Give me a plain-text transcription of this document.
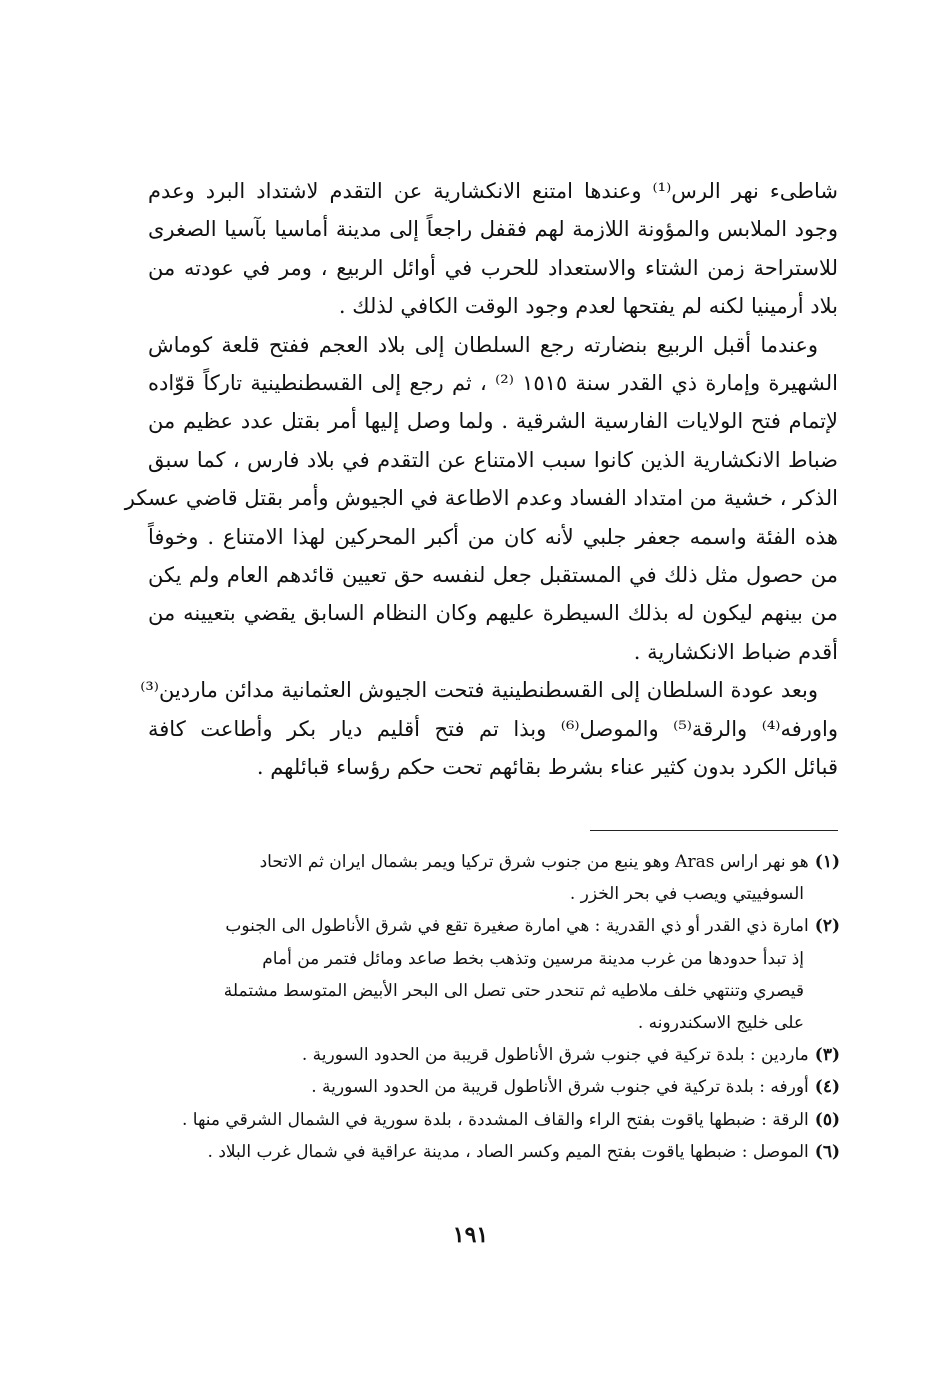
شاطىء نهر الرس⁽¹⁾ وعندها امتنع الانكشارية عن التقدم لاشتداد البرد وعدم
وجود الملابس والمؤونة اللازمة لهم فقفل راجعاً إلى مدينة أماسيا بآسيا الصغرى
للاستراحة زمن الشتاء والاستعداد للحرب في أوائل الربيع ، ومر في عودته من
بلاد أرمينيا لكنه لم يفتحها لعدم وجود الوقت الكافي لذلك .

وعندما أقبل الربيع بنضارته رجع السلطان إلى بلاد العجم ففتح قلعة كوماش
الشهيرة وإمارة ذي القدر سنة ١٥١٥ ⁽²⁾ ، ثم رجع إلى القسطنطينية تاركاً قوّاده
لإتمام فتح الولايات الفارسية الشرقية . ولما وصل إليها أمر بقتل عدد عظيم من
ضباط الانكشارية الذين كانوا سبب الامتناع عن التقدم في بلاد فارس ، كما سبق
الذكر ، خشية من امتداد الفساد وعدم الاطاعة في الجيوش وأمر بقتل قاضي عسكر
هذه الفئة واسمه جعفر جلبي لأنه كان من أكبر المحركين لهذا الامتناع . وخوفاً
من حصول مثل ذلك في المستقبل جعل لنفسه حق تعيين قائدهم العام ولم يكن
من بينهم ليكون له بذلك السيطرة عليهم وكان النظام السابق يقضي بتعيينه من
أقدم ضباط الانكشارية .

وبعد عودة السلطان إلى القسطنطينية فتحت الجيوش العثمانية مدائن ماردين⁽³⁾
واورفه⁽⁴⁾ والرقة⁽⁵⁾ والموصل⁽⁶⁾ وبذا تم فتح أقليم ديار بكر وأطاعت كافة
قبائل الكرد بدون كثير عناء بشرط بقائهم تحت حكم رؤساء قبائلهم .

(١)هو نهر اراس Aras وهو ينبع من جنوب شرق تركيا ويمر بشمال ايران ثم الاتحاد
السوفييتي ويصب في بحر الخزر .

(٢)امارة ذي القدر أو ذي القدرية : هي امارة صغيرة تقع في شرق الأناطول الى الجنوب
إذ تبدأ حدودها من غرب مدينة مرسين وتذهب بخط صاعد ومائل فتمر من أمام
قيصري وتنتهي خلف ملاطيه ثم تنحدر حتى تصل الى البحر الأبيض المتوسط مشتملة
على خليج الاسكندرونه .

(٣)ماردين : بلدة تركية في جنوب شرق الأناطول قريبة من الحدود السورية .

(٤)أورفه : بلدة تركية في جنوب شرق الأناطول قريبة من الحدود السورية .

(٥)الرقة : ضبطها ياقوت بفتح الراء والقاف المشددة ، بلدة سورية في الشمال الشرقي منها .

(٦)الموصل : ضبطها ياقوت بفتح الميم وكسر الصاد ، مدينة عراقية في شمال غرب البلاد .

١٩١
